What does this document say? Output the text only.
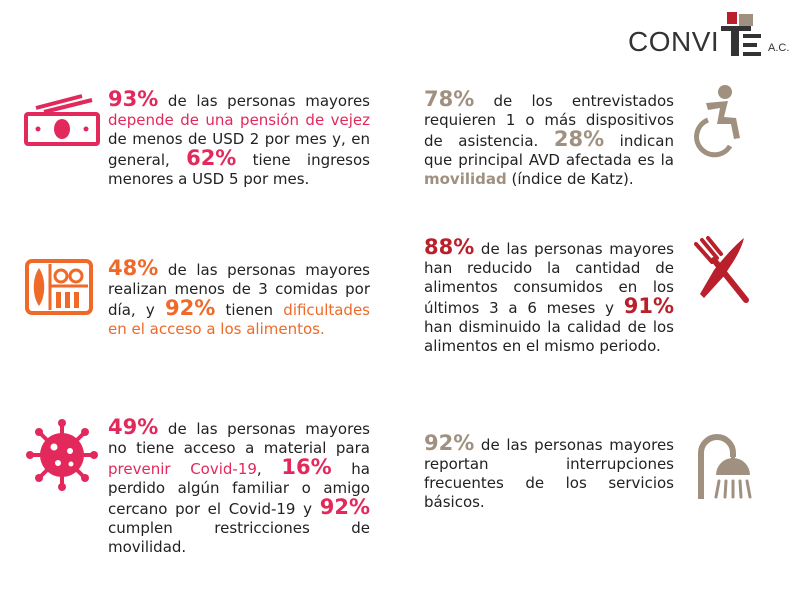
CONVI	A.C.
93% de las personas mayores depende de una pensión de vejez de menos de USD 2 por mes y, en general, 62% tiene ingresos menores a USD 5 por mes.
48% de las personas mayores realizan menos de 3 comidas por día, y 92% tienen dificultades en el acceso a los alimentos.
49% de las personas mayores no tiene acceso a material para prevenir Covid-19, 16% ha perdido algún familiar o amigo cercano por el Covid-19 y 92% cumplen restricciones de movilidad.
78% de los entrevistados requieren 1 o más dispositivos de asistencia. 28% indican que principal AVD afectada es la movilidad (índice de Katz).
88% de las personas mayores han reducido la cantidad de alimentos consumidos en los últimos 3 a 6 meses y 91% han disminuido la calidad de los alimentos en el mismo periodo.
92% de las personas mayores reportan interrupciones frecuentes de los servicios básicos.
